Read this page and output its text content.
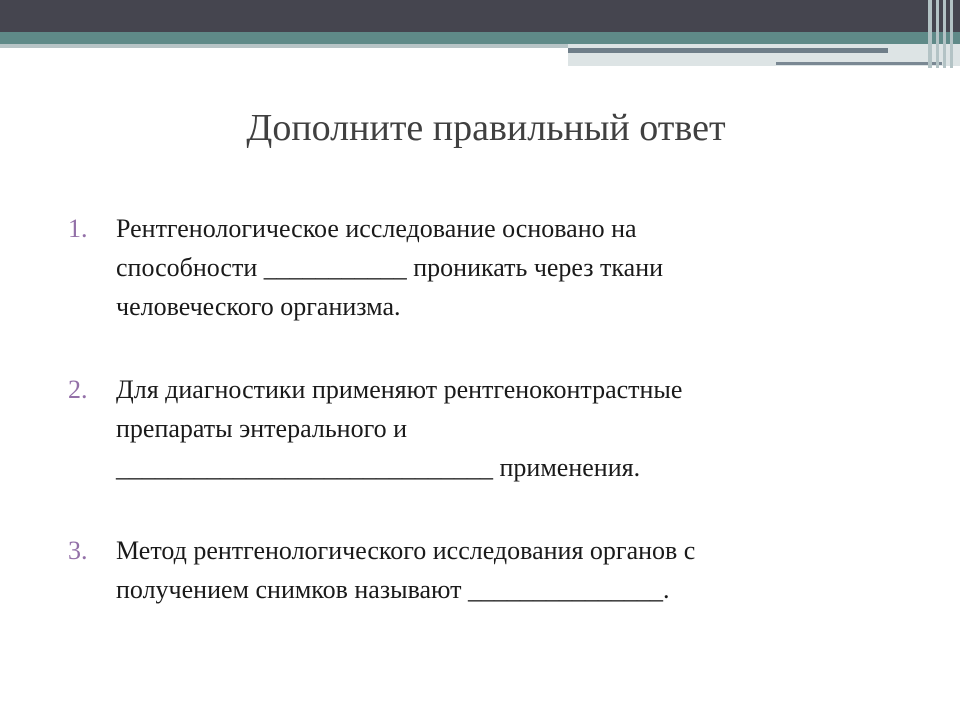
Дополните правильный ответ
1. Рентгенологическое исследование основано на
способности ___________ проникать через ткани
человеческого организма.
2. Для диагностики применяют рентгеноконтрастные
препараты энтерального и
_____________________________ применения.
3. Метод рентгенологического исследования органов с
получением снимков называют _______________.
